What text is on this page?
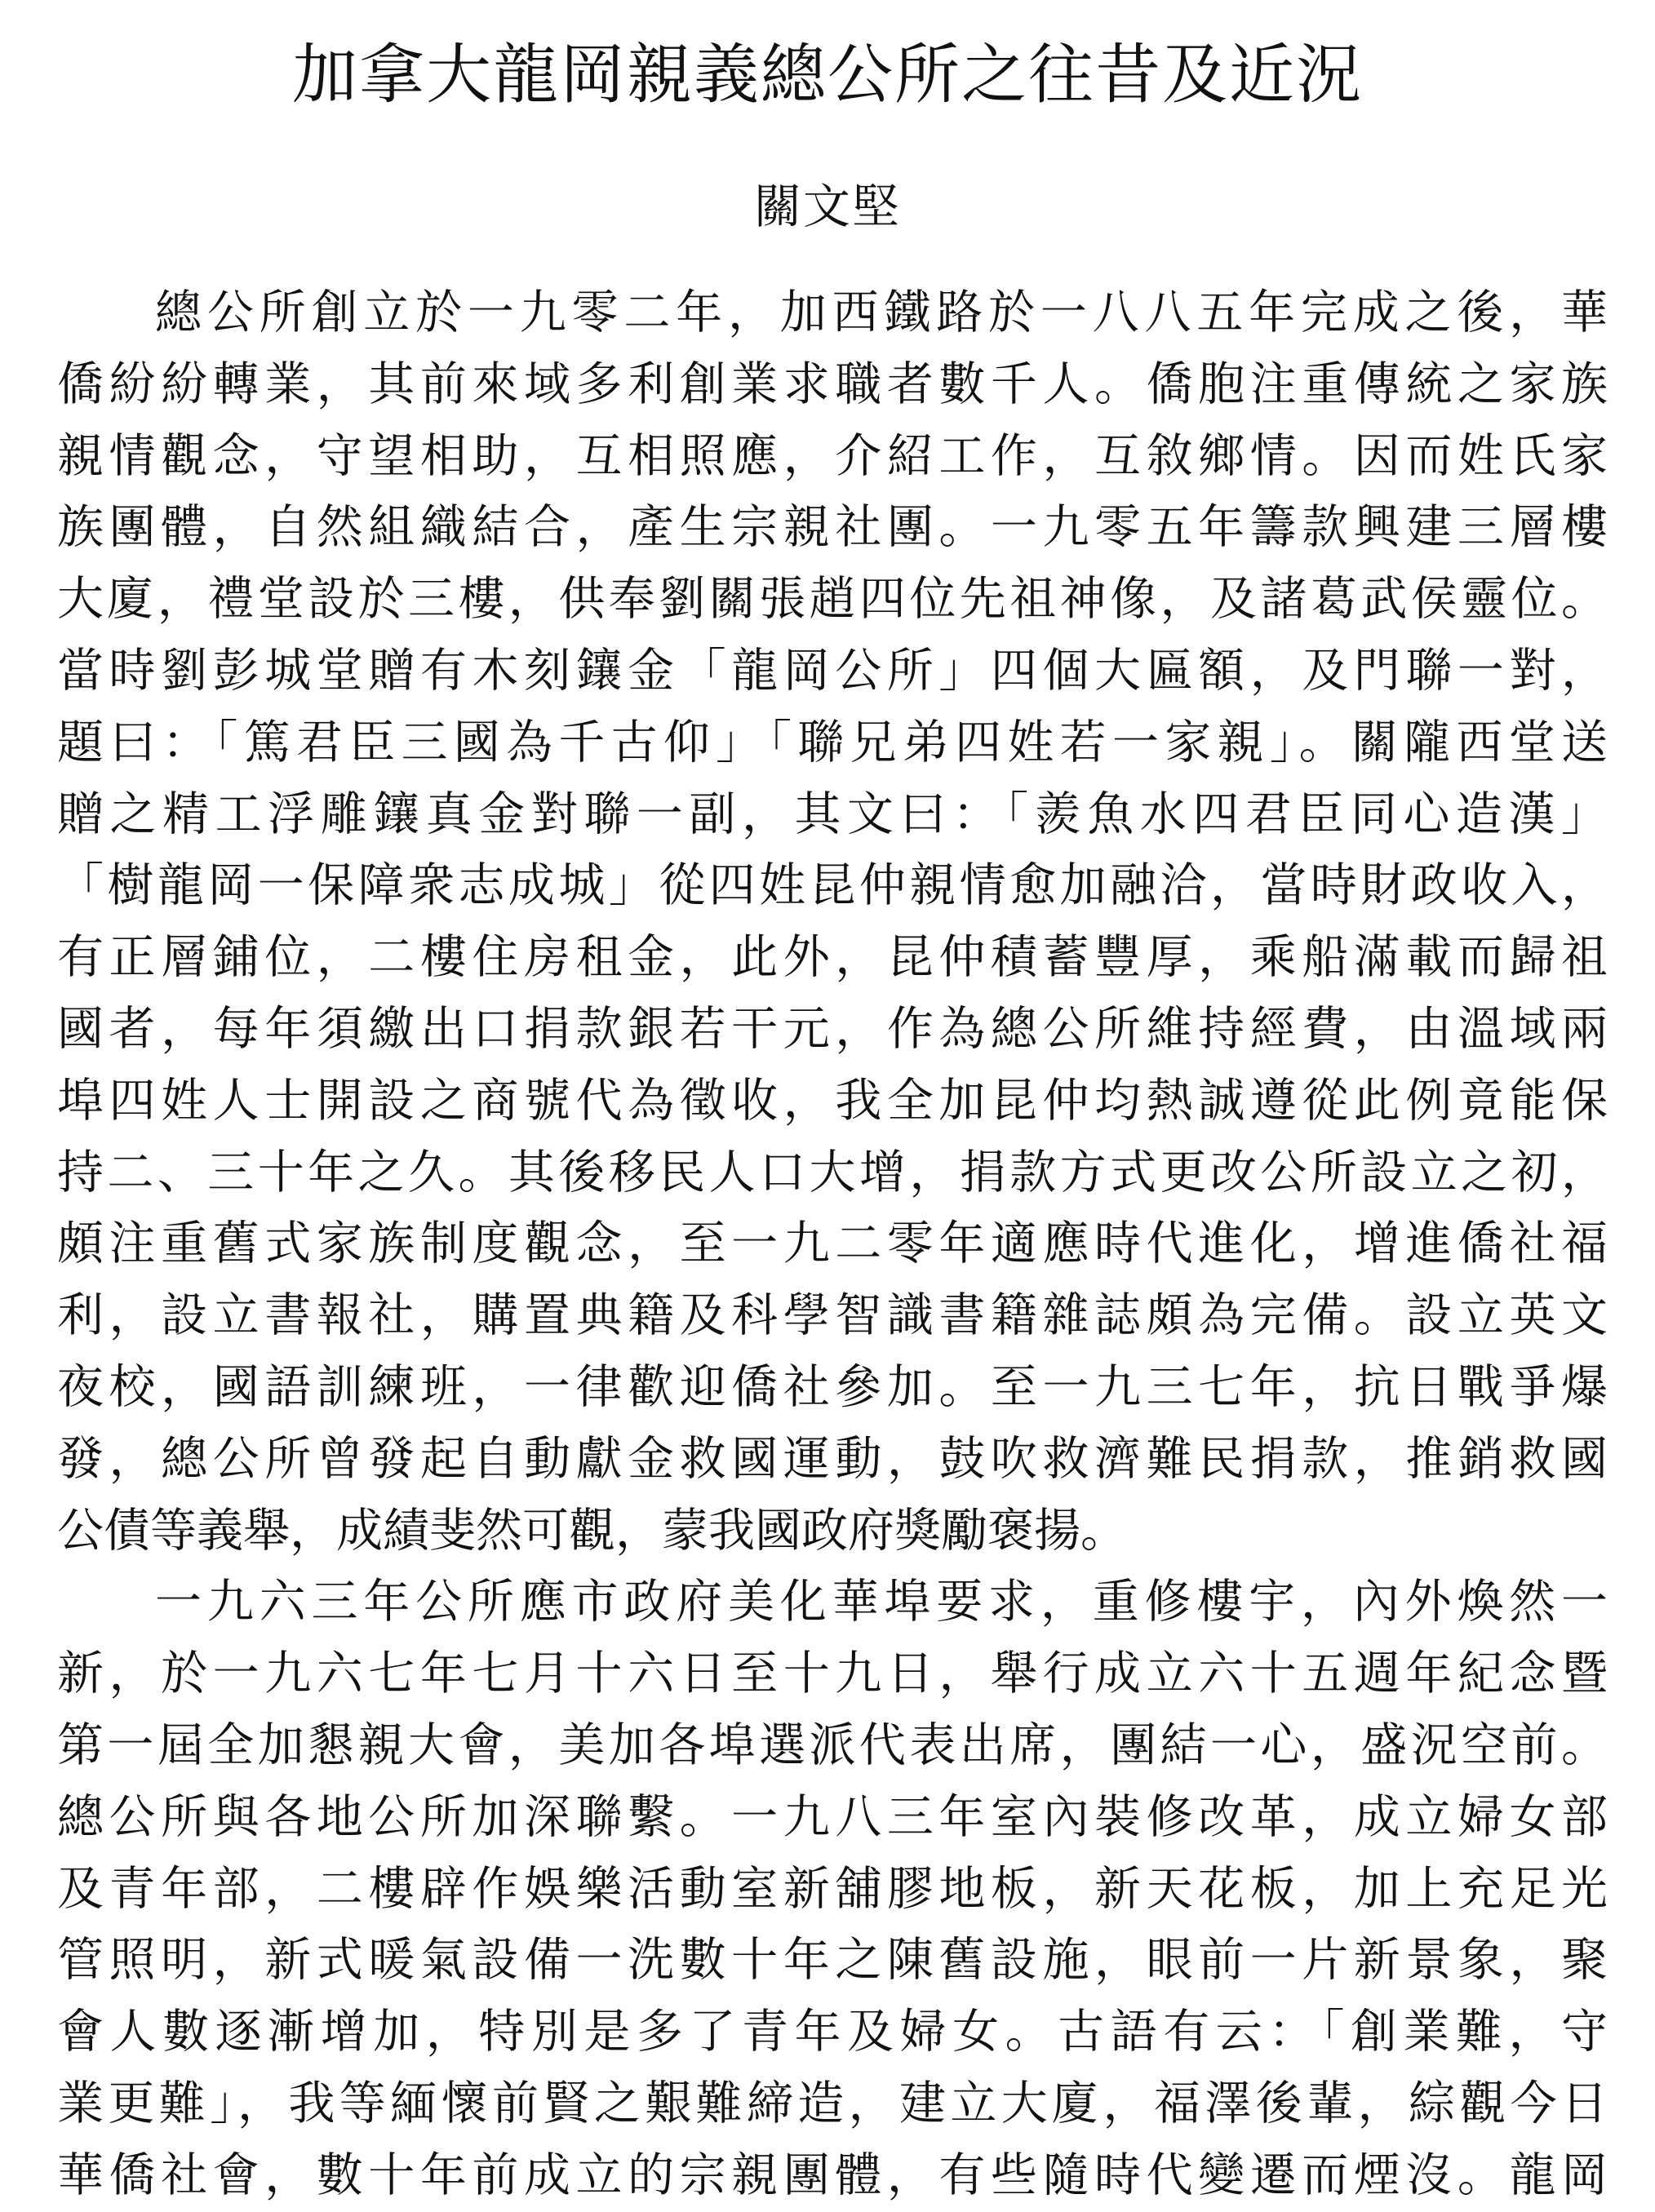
加拿大龍岡親義總公所之往昔及近況
關文堅
總公所創立於一九零二年，加西鐵路於一八八五年完成之後，華
僑紛紛轉業，其前來域多利創業求職者數千人。僑胞注重傳統之家族
親情觀念，守望相助，互相照應，介紹工作，互敘鄉情。因而姓氏家
族團體，自然組織結合，產生宗親社團。一九零五年籌款興建三層樓
大廈，禮堂設於三樓，供奉劉關張趙四位先祖神像，及諸葛武侯靈位。
當時劉彭城堂贈有木刻鑲金「龍岡公所」四個大匾額，及門聯一對，
題曰：「篤君臣三國為千古仰」「聯兄弟四姓若一家親」。關隴西堂送
贈之精工浮雕鑲真金對聯一副，其文曰：「羨魚水四君臣同心造漢」
「樹龍岡一保障衆志成城」從四姓昆仲親情愈加融洽，當時財政收入，
有正層鋪位，二樓住房租金，此外，昆仲積蓄豐厚，乘船滿載而歸祖
國者，每年須繳出口捐款銀若干元，作為總公所維持經費，由溫域兩
埠四姓人士開設之商號代為徵收，我全加昆仲均熱誠遵從此例竟能保
持二、三十年之久。其後移民人口大增，捐款方式更改公所設立之初，
頗注重舊式家族制度觀念，至一九二零年適應時代進化，增進僑社福
利，設立書報社，購置典籍及科學智識書籍雜誌頗為完備。設立英文
夜校，國語訓練班，一律歡迎僑社參加。至一九三七年，抗日戰爭爆
發，總公所曾發起自動獻金救國運動，鼓吹救濟難民捐款，推銷救國
公債等義舉，成績斐然可觀，蒙我國政府獎勵褒揚。
一九六三年公所應市政府美化華埠要求，重修樓宇，內外煥然一
新，於一九六七年七月十六日至十九日，舉行成立六十五週年紀念暨
第一屆全加懇親大會，美加各埠選派代表出席，團結一心，盛況空前。
總公所與各地公所加深聯繫。一九八三年室內裝修改革，成立婦女部
及青年部，二樓辟作娛樂活動室新舖膠地板，新天花板，加上充足光
管照明，新式暖氣設備一洗數十年之陳舊設施，眼前一片新景象，聚
會人數逐漸增加，特別是多了青年及婦女。古語有云：「創業難，守
業更難」，我等緬懷前賢之艱難締造，建立大廈，福澤後輩，綜觀今日
華僑社會，數十年前成立的宗親團體，有些隨時代變遷而煙沒。龍岡
